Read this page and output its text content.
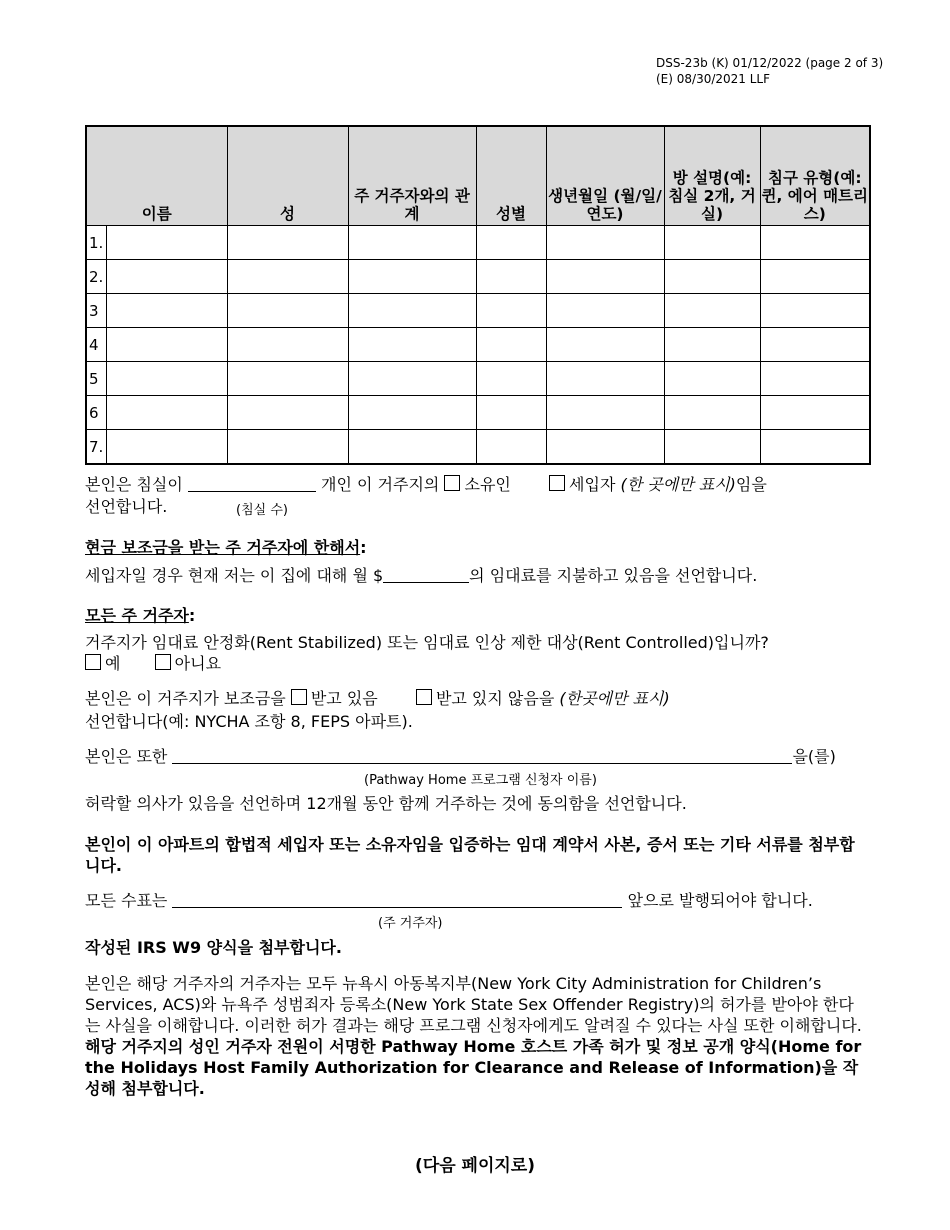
DSS-23b (K) 01/12/2022 (page 2 of 3)
(E) 08/30/2021 LLF
이름	성	주 거주자와의 관계	성별	생년월일 (월/일/연도)	방 설명(예: 침실 2개, 거실)	침구 유형(예: 퀸, 에어 매트리스)

1.						

2.						

3						

4						

5						

6						

7.						

본인은 침실이	개인 이 거주지의 소유인	세입자 (한 곳에만 표시)임을
선언합니다.	(침실 수)
현금 보조금을 받는 주 거주자에 한해서:
세입자일 경우 현재 저는 이 집에 대해 월 $	의 임대료를 지불하고 있음을 선언합니다.
모든 주 거주자:
거주지가 임대료 안정화(Rent Stabilized) 또는 임대료 인상 제한 대상(Rent Controlled)입니까?
예	아니요
본인은 이 거주지가 보조금을 받고 있음	받고 있지 않음을 (한곳에만 표시)
선언합니다(예: NYCHA 조항 8, FEPS 아파트).
본인은 또한	을(를)
(Pathway Home 프로그램 신청자 이름)
허락할 의사가 있음을 선언하며 12개월 동안 함께 거주하는 것에 동의함을 선언합니다.
본인이 이 아파트의 합법적 세입자 또는 소유자임을 입증하는 임대 계약서 사본, 증서 또는 기타 서류를 첨부합니다.
모든 수표는	앞으로 발행되어야 합니다.
(주 거주자)
작성된 IRS W9 양식을 첨부합니다.
본인은 해당 거주자의 거주자는 모두 뉴욕시 아동복지부(New York City Administration for Children’s Services, ACS)와 뉴욕주 성범죄자 등록소(New York State Sex Offender Registry)의 허가를 받아야 한다는 사실을 이해합니다. 이러한 허가 결과는 해당 프로그램 신청자에게도 알려질 수 있다는 사실 또한 이해합니다. 해당 거주지의 성인 거주자 전원이 서명한 Pathway Home 호스트 가족 허가 및 정보 공개 양식(Home for the Holidays Host Family Authorization for Clearance and Release of Information)을 작성해 첨부합니다.
(다음 페이지로)
